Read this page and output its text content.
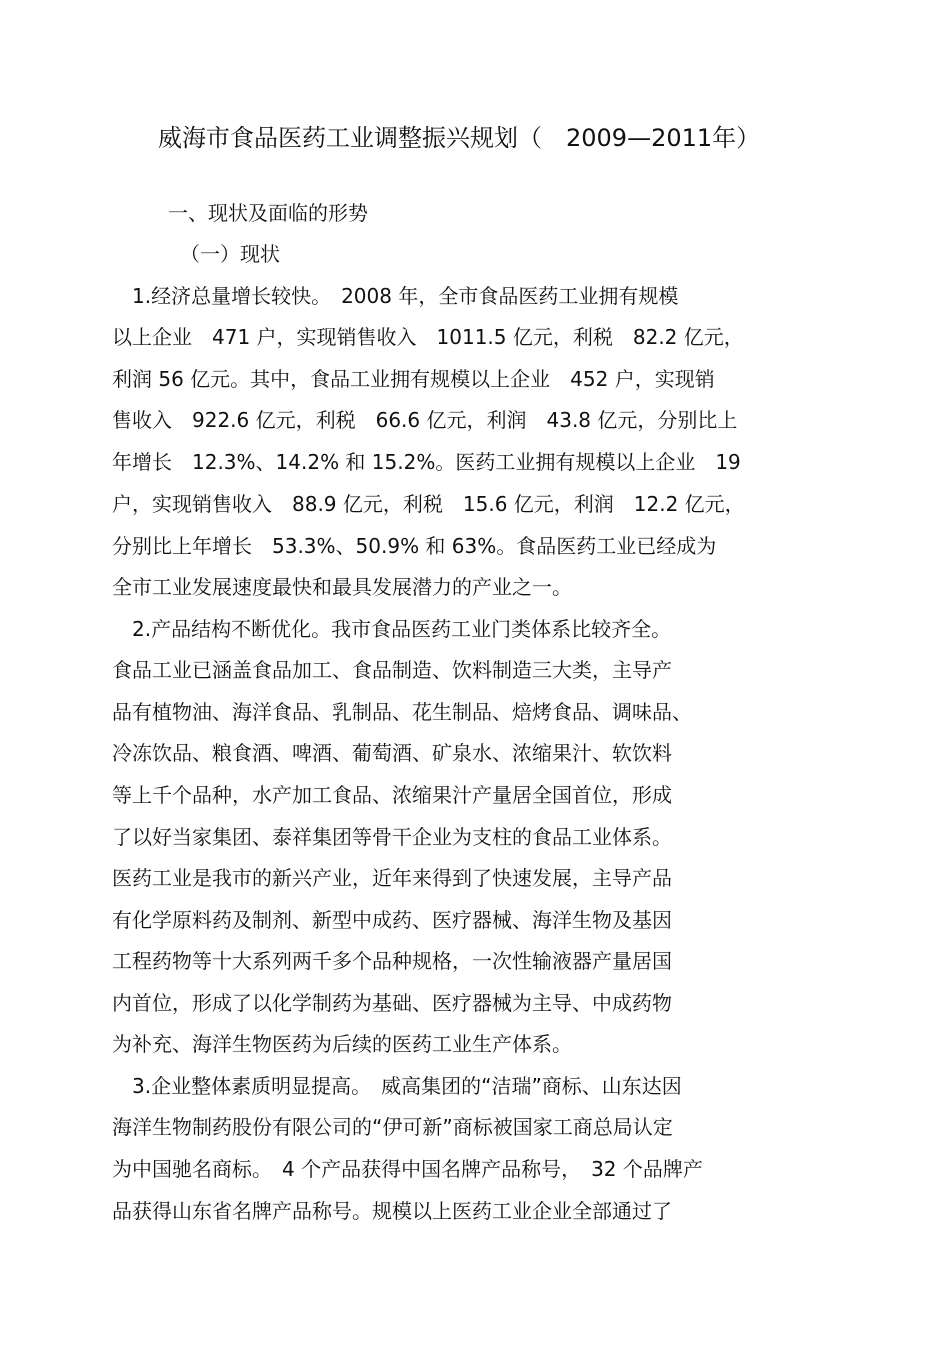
威海市食品医药工业调整振兴规划（　2009—2011年）
一、现状及面临的形势
（一）现状
　1.经济总量增长较快。　2008 年，全市食品医药工业拥有规模
以上企业　471 户，实现销售收入　1011.5 亿元，利税　82.2 亿元，
利润 56 亿元。其中，食品工业拥有规模以上企业　452 户，实现销
售收入　922.6 亿元，利税　66.6 亿元，利润　43.8 亿元，分别比上
年增长　12.3%、14.2% 和 15.2%。医药工业拥有规模以上企业　19
户，实现销售收入　88.9 亿元，利税　15.6 亿元，利润　12.2 亿元，
分别比上年增长　53.3%、50.9% 和 63%。食品医药工业已经成为
全市工业发展速度最快和最具发展潜力的产业之一。
　2.产品结构不断优化。我市食品医药工业门类体系比较齐全。
食品工业已涵盖食品加工、食品制造、饮料制造三大类，主导产
品有植物油、海洋食品、乳制品、花生制品、焙烤食品、调味品、
冷冻饮品、粮食酒、啤酒、葡萄酒、矿泉水、浓缩果汁、软饮料
等上千个品种，水产加工食品、浓缩果汁产量居全国首位，形成
了以好当家集团、泰祥集团等骨干企业为支柱的食品工业体系。
医药工业是我市的新兴产业，近年来得到了快速发展，主导产品
有化学原料药及制剂、新型中成药、医疗器械、海洋生物及基因
工程药物等十大系列两千多个品种规格，一次性输液器产量居国
内首位，形成了以化学制药为基础、医疗器械为主导、中成药物
为补充、海洋生物医药为后续的医药工业生产体系。
　3.企业整体素质明显提高。　威高集团的“洁瑞”商标、山东达因
海洋生物制药股份有限公司的“伊可新”商标被国家工商总局认定
为中国驰名商标。　4 个产品获得中国名牌产品称号，　32 个品牌产
品获得山东省名牌产品称号。规模以上医药工业企业全部通过了
